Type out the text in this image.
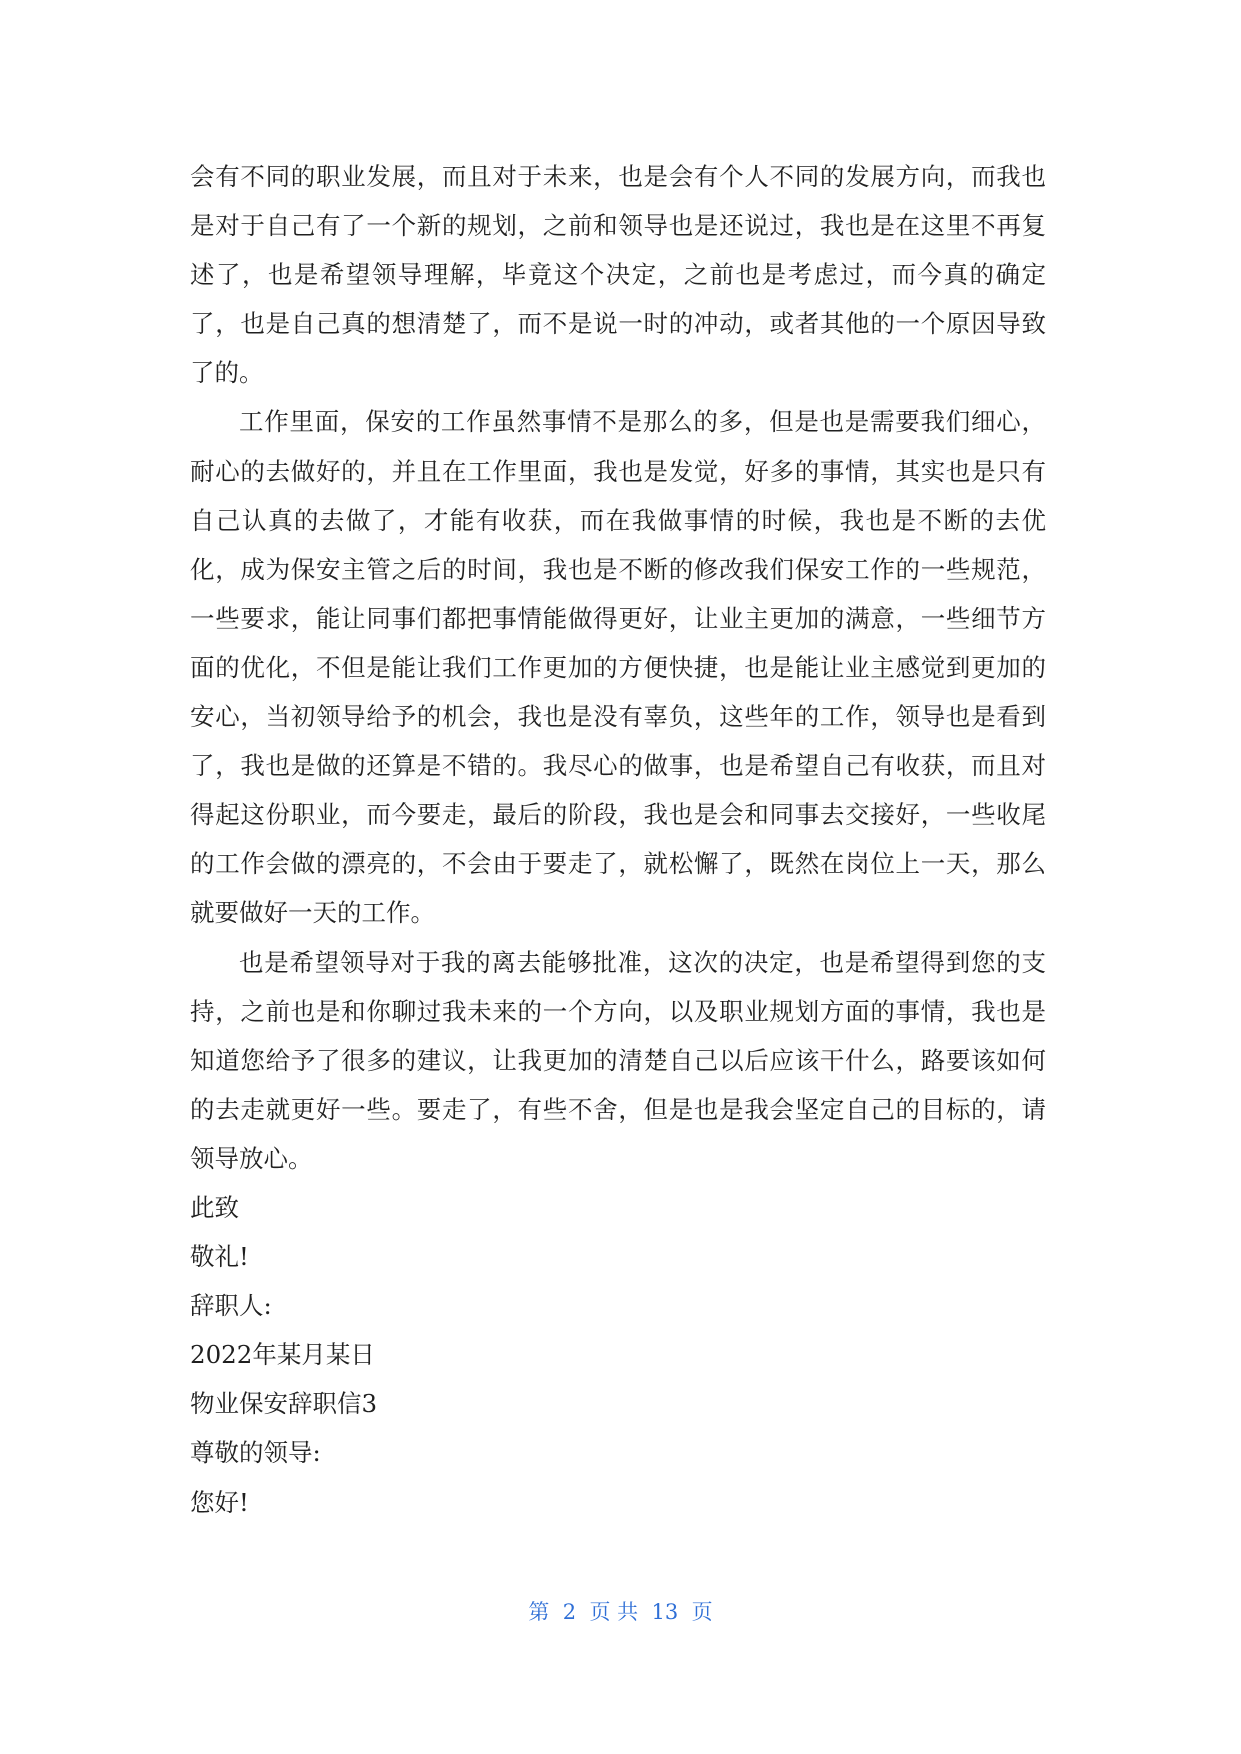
会有不同的职业发展，而且对于未来，也是会有个人不同的发展方向，而我也是对于自己有了一个新的规划，之前和领导也是还说过，我也是在这里不再复述了，也是希望领导理解，毕竟这个决定，之前也是考虑过，而今真的确定了，也是自己真的想清楚了，而不是说一时的冲动，或者其他的一个原因导致了的。

工作里面，保安的工作虽然事情不是那么的多，但是也是需要我们细心，耐心的去做好的，并且在工作里面，我也是发觉，好多的事情，其实也是只有自己认真的去做了，才能有收获，而在我做事情的时候，我也是不断的去优化，成为保安主管之后的时间，我也是不断的修改我们保安工作的一些规范，一些要求，能让同事们都把事情能做得更好，让业主更加的满意，一些细节方面的优化，不但是能让我们工作更加的方便快捷，也是能让业主感觉到更加的安心，当初领导给予的机会，我也是没有辜负，这些年的工作，领导也是看到了，我也是做的还算是不错的。我尽心的做事，也是希望自己有收获，而且对得起这份职业，而今要走，最后的阶段，我也是会和同事去交接好，一些收尾的工作会做的漂亮的，不会由于要走了，就松懈了，既然在岗位上一天，那么就要做好一天的工作。

也是希望领导对于我的离去能够批准，这次的决定，也是希望得到您的支持，之前也是和你聊过我未来的一个方向，以及职业规划方面的事情，我也是知道您给予了很多的建议，让我更加的清楚自己以后应该干什么，路要该如何的去走就更好一些。要走了，有些不舍，但是也是我会坚定自己的目标的，请领导放心。

此致

敬礼!

辞职人:

2022年某月某日

物业保安辞职信3

尊敬的领导:

您好!

第  2  页 共  13  页
